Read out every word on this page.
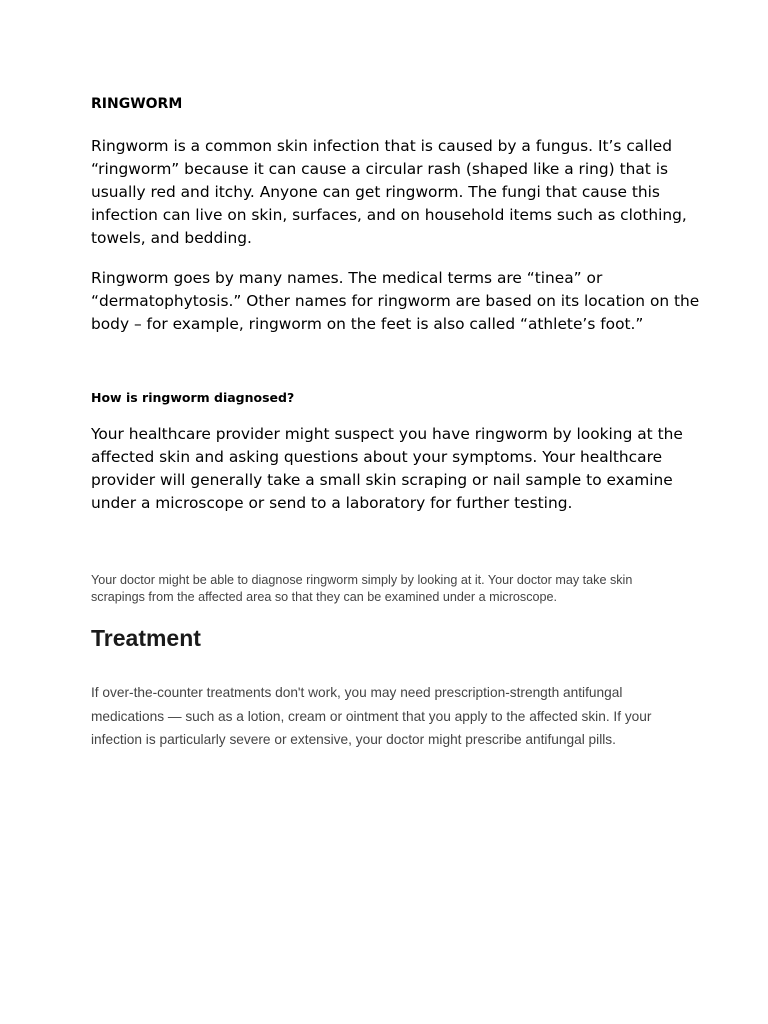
RINGWORM

Ringworm is a common skin infection that is caused by a fungus. It’s called “ringworm” because it can cause a circular rash (shaped like a ring) that is usually red and itchy. Anyone can get ringworm. The fungi that cause this infection can live on skin, surfaces, and on household items such as clothing, towels, and bedding.

Ringworm goes by many names. The medical terms are “tinea” or “dermatophytosis.” Other names for ringworm are based on its location on the body – for example, ringworm on the feet is also called “athlete’s foot.”

How is ringworm diagnosed?

Your healthcare provider might suspect you have ringworm by looking at the affected skin and asking questions about your symptoms. Your healthcare provider will generally take a small skin scraping or nail sample to examine under a microscope or send to a laboratory for further testing.

Your doctor might be able to diagnose ringworm simply by looking at it. Your doctor may take skin scrapings from the affected area so that they can be examined under a microscope.

Treatment

If over-the-counter treatments don't work, you may need prescription-strength antifungal medications — such as a lotion, cream or ointment that you apply to the affected skin. If your infection is particularly severe or extensive, your doctor might prescribe antifungal pills.
